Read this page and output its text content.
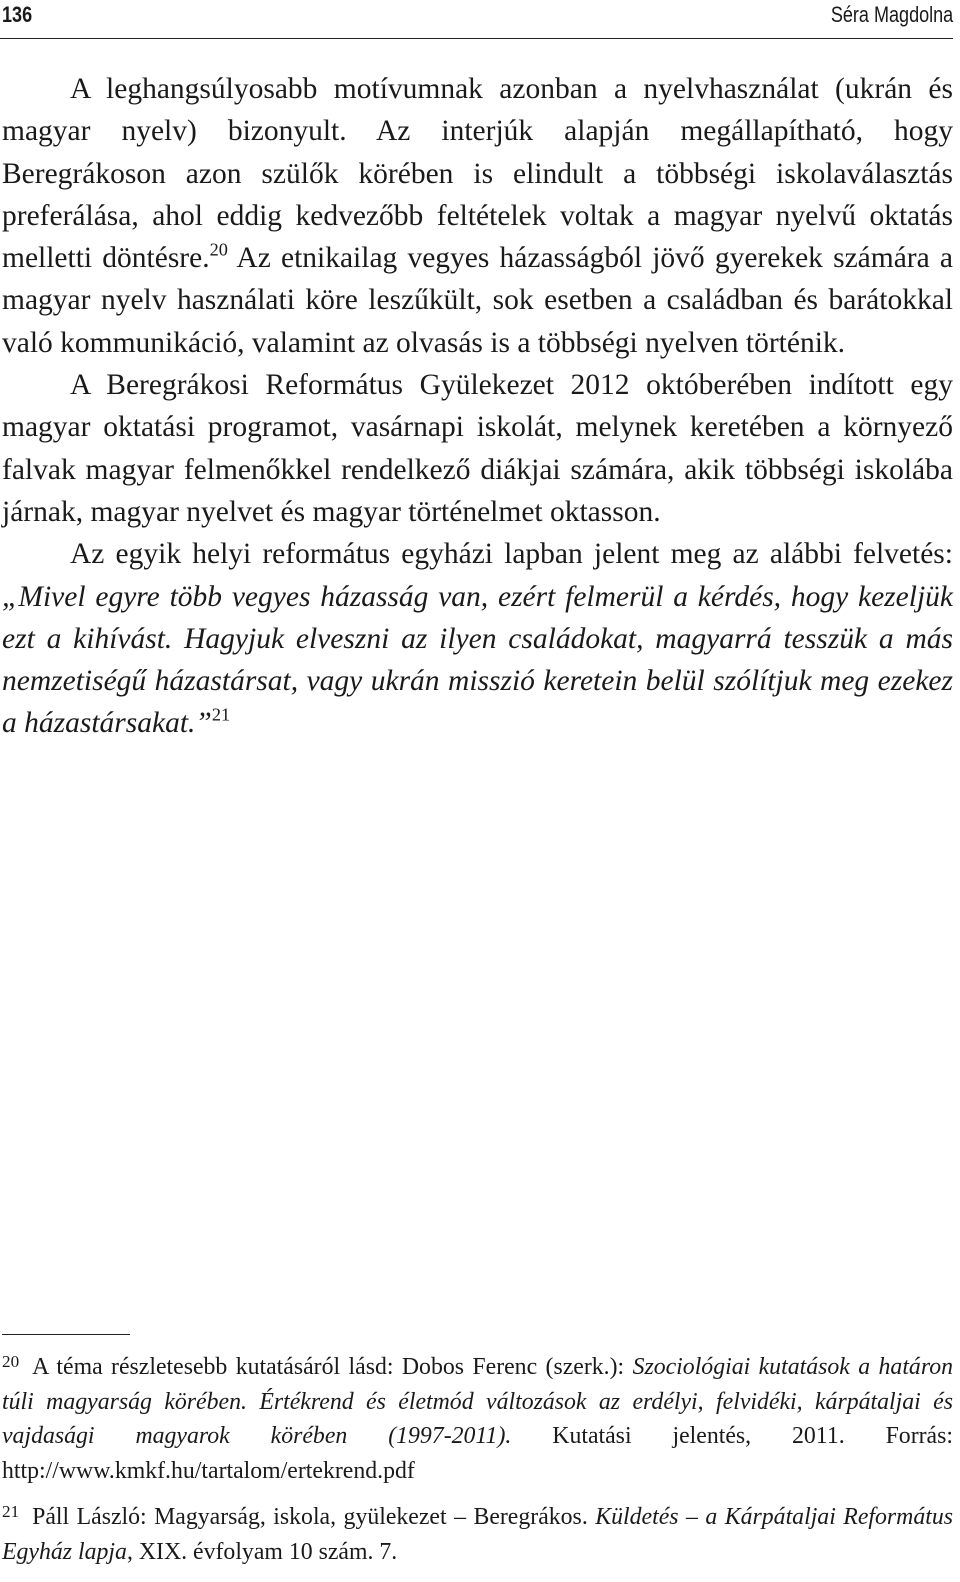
136	Séra Magdolna

A leghangsúlyosabb motívumnak azonban a nyelvhasználat (ukrán és magyar nyelv) bizonyult. Az interjúk alapján megállapítható, hogy Beregrákoson azon szülők körében is elindult a többségi iskolaválasztás preferálása, ahol eddig kedvezőbb feltételek voltak a magyar nyelvű oktatás melletti döntésre.$^{20}$ Az etnikailag vegyes házasságból jövő gyerekek számára a magyar nyelv használati köre leszűkült, sok esetben a családban és barátokkal való kommunikáció, valamint az olvasás is a többségi nyelven történik.

A Beregrákosi Református Gyülekezet 2012 októberében indított egy magyar oktatási programot, vasárnapi iskolát, melynek keretében a környező falvak magyar felmenőkkel rendelkező diákjai számára, akik többségi iskolába járnak, magyar nyelvet és magyar történelmet oktasson.

Az egyik helyi református egyházi lapban jelent meg az alábbi felvetés: „Mivel egyre több vegyes házasság van, ezért felmerül a kérdés, hogy kezeljük ezt a kihívást. Hagyjuk elveszni az ilyen családokat, magyarrá tesszük a más nemzetiségű házastársat, vagy ukrán misszió keretein belül szólítjuk meg ezekez a házastársakat.”$^{21}$

$^{20}$ A téma részletesebb kutatásáról lásd: Dobos Ferenc (szerk.): Szociológiai kutatások a határon túli magyarság körében. Értékrend és életmód változások az erdélyi, felvidéki, kárpátaljai és vajdasági magyarok körében (1997-2011). Kutatási jelentés, 2011. Forrás: http://www.kmkf.hu/tartalom/ertekrend.pdf

$^{21}$ Páll László: Magyarság, iskola, gyülekezet – Beregrákos. Küldetés – a Kárpátaljai Református Egyház lapja, XIX. évfolyam 10 szám. 7.
